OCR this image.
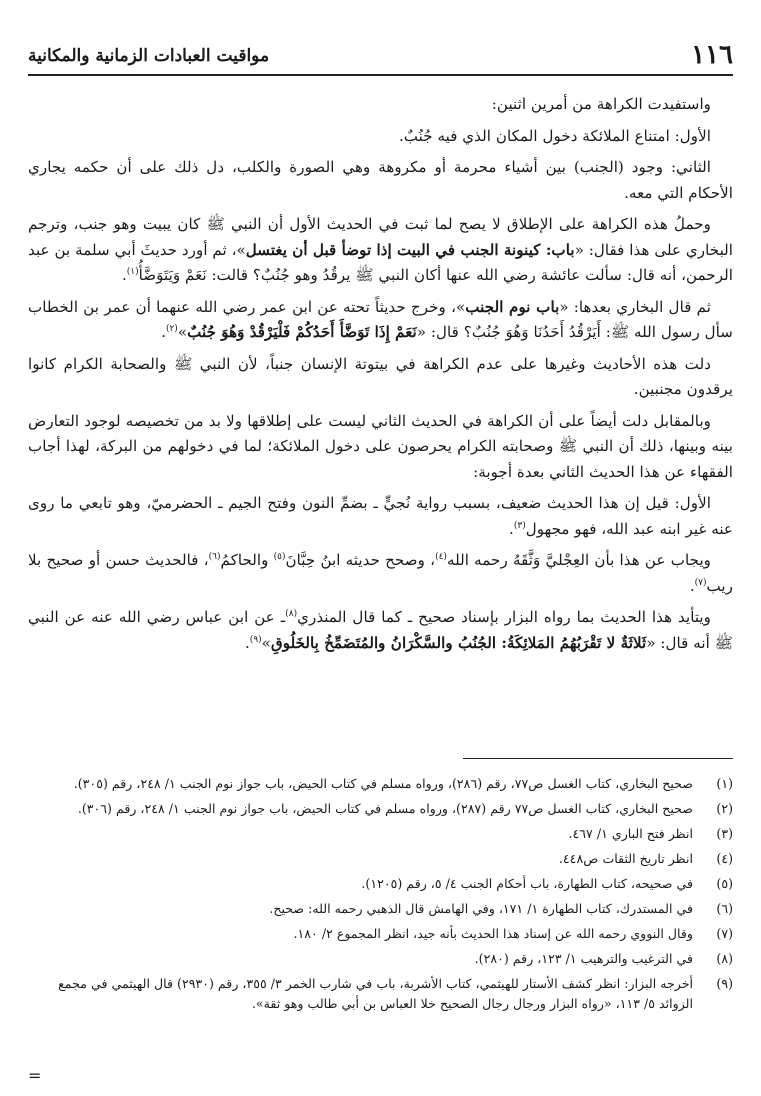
١١٦
مواقيت العبادات الزمانية والمكانية

واستفيدت الكراهة من أمرين اثنين:

الأول: امتناع الملائكة دخول المكان الذي فيه جُنُبٌ.

الثاني: وجود (الجنب) بين أشياء محرمة أو مكروهة وهي الصورة والكلب، دل ذلك على أن حكمه يجاري الأحكام التي معه.

وحملُ هذه الكراهة على الإطلاق لا يصح لما ثبت في الحديث الأول أن النبي ﷺ كان يبيت وهو جنب، وترجم البخاري على هذا فقال: «باب: كينونة الجنب في البيت إذا توضأ قبل أن يغتسل»، ثم أورد حديثَ أبي سلمة بن عبد الرحمن، أنه قال: سألت عائشة رضي الله عنها أكان النبي ﷺ يرقُدُ وهو جُنُبٌ؟ قالت: نَعَمْ وَيَتَوَضَّأُ$^{(١)}$.

ثم قال البخاري بعدها: «باب نوم الجنب»، وخرج حديثاً تحته عن ابن عمر رضي الله عنهما أن عمر بن الخطاب سأل رسول الله ﷺ: أَيَرْقُدُ أَحَدُنَا وَهُوَ جُنُبٌ؟ قال: «نَعَمْ إِذَا تَوَضَّأَ أَحَدُكُمْ فَلْيَرْقُدْ وَهُوَ جُنُبٌ»$^{(٢)}$.

دلت هذه الأحاديث وغيرها على عدم الكراهة في بيتوتة الإنسان جنباً، لأن النبي ﷺ والصحابة الكرام كانوا يرقدون مجنبين.

وبالمقابل دلت أيضاً على أن الكراهة في الحديث الثاني ليست على إطلاقها ولا بد من تخصيصه لوجود التعارض بينه وبينها، ذلك أن النبي ﷺ وصحابته الكرام يحرصون على دخول الملائكة؛ لما في دخولهم من البركة، لهذا أجاب الفقهاء عن هذا الحديث الثاني بعدة أجوبة:

الأول: قيل إن هذا الحديث ضعيف، بسبب رواية نُجيٍّ ـ بضمِّ النون وفتح الجيم ـ الحضرميّ، وهو تابعي ما روى عنه غير ابنه عبد الله، فهو مجهول$^{(٣)}$.

ويجاب عن هذا بأن العِجْليَّ وَثَّقَهُ رحمه الله$^{(٤)}$، وصحح حديثه ابنُ حِبَّانَ$^{(٥)}$ والحاكمُ$^{(٦)}$، فالحديث حسن أو صحيح بلا ريب$^{(٧)}$.

ويتأيد هذا الحديث بما رواه البزار بإسناد صحيح ـ كما قال المنذري$^{(٨)}$ـ عن ابن عباس رضي الله عنه عن النبي ﷺ أنه قال: «ثَلاثَةٌ لا تَقْرَبُهُمُ المَلائِكَةُ: الجُنُبُ والسَّكْرَانُ والمُتَضَمِّخُ بِالخَلُوقِ»$^{(٩)}$.

(١)
صحيح البخاري، كتاب الغسل ص٧٧، رقم (٢٨٦)، ورواه مسلم في كتاب الحيض، باب جواز نوم الجنب ١/ ٢٤٨، رقم (٣٠٥).
(٢)
صحيح البخاري، كتاب الغسل ص٧٧ رقم (٢٨٧)، ورواه مسلم في كتاب الحيض، باب جواز نوم الجنب ١/ ٢٤٨، رقم (٣٠٦).
(٣)
انظر فتح الباري ١/ ٤٦٧.
(٤)
انظر تاريخ الثقات ص٤٤٨.
(٥)
في صحيحه، كتاب الطهارة، باب أحكام الجنب ٤/ ٥، رقم (١٢٠٥).
(٦)
في المستدرك، كتاب الطهارة ١/ ١٧١، وفي الهامش قال الذهبي رحمه الله: صحيح.
(٧)
وقال النووي رحمه الله عن إسناد هذا الحديث بأنه جيد، انظر المجموع ٢/ ١٨٠.
(٨)
في الترغيب والترهيب ١/ ١٢٣، رقم (٢٨٠).
(٩)
أخرجه البزار: انظر كشف الأستار للهيثمي، كتاب الأشربة، باب في شارب الخمر ٣/ ٣٥٥، رقم (٢٩٣٠) قال الهيثمي في مجمع الزوائد ٥/ ١١٣، «رواه البزار ورجال رجال الصحيح خلا العباس بن أبي طالب وهو ثقة».
=
